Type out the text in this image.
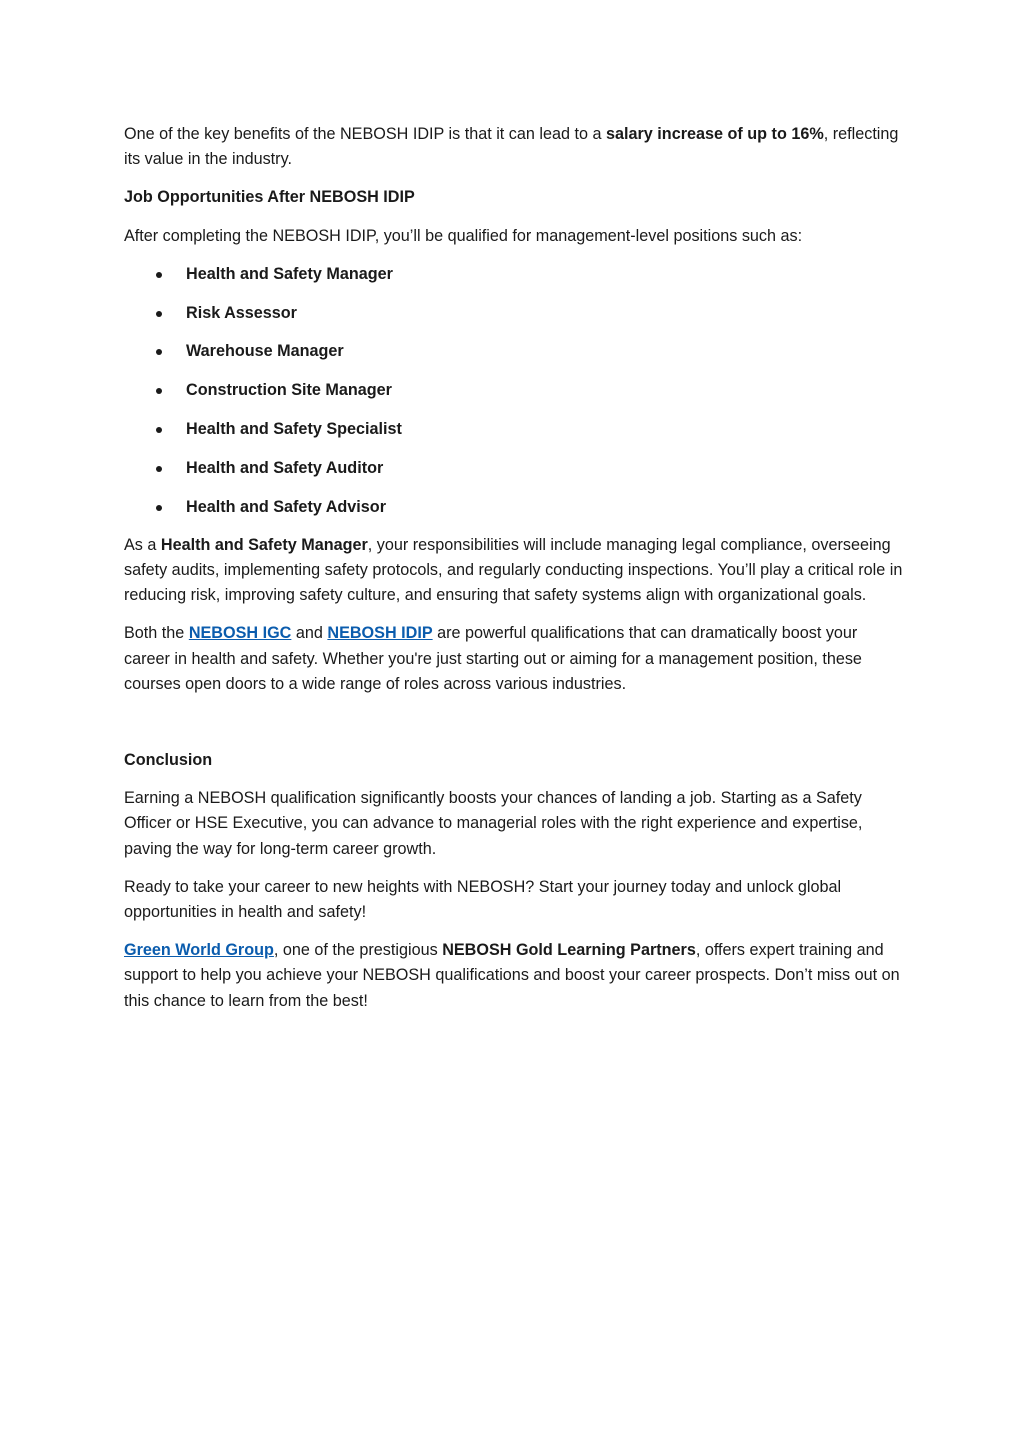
One of the key benefits of the NEBOSH IDIP is that it can lead to a salary increase of up to 16%, reflecting its value in the industry.

Job Opportunities After NEBOSH IDIP

After completing the NEBOSH IDIP, you’ll be qualified for management-level positions such as:

Health and Safety Manager
Risk Assessor
Warehouse Manager
Construction Site Manager
Health and Safety Specialist
Health and Safety Auditor
Health and Safety Advisor

As a Health and Safety Manager, your responsibilities will include managing legal compliance, overseeing safety audits, implementing safety protocols, and regularly conducting inspections. You’ll play a critical role in reducing risk, improving safety culture, and ensuring that safety systems align with organizational goals.

Both the NEBOSH IGC and NEBOSH IDIP are powerful qualifications that can dramatically boost your career in health and safety. Whether you're just starting out or aiming for a management position, these courses open doors to a wide range of roles across various industries.

Conclusion

Earning a NEBOSH qualification significantly boosts your chances of landing a job. Starting as a Safety Officer or HSE Executive, you can advance to managerial roles with the right experience and expertise, paving the way for long-term career growth.

Ready to take your career to new heights with NEBOSH? Start your journey today and unlock global opportunities in health and safety!

Green World Group, one of the prestigious NEBOSH Gold Learning Partners, offers expert training and support to help you achieve your NEBOSH qualifications and boost your career prospects. Don’t miss out on this chance to learn from the best!
